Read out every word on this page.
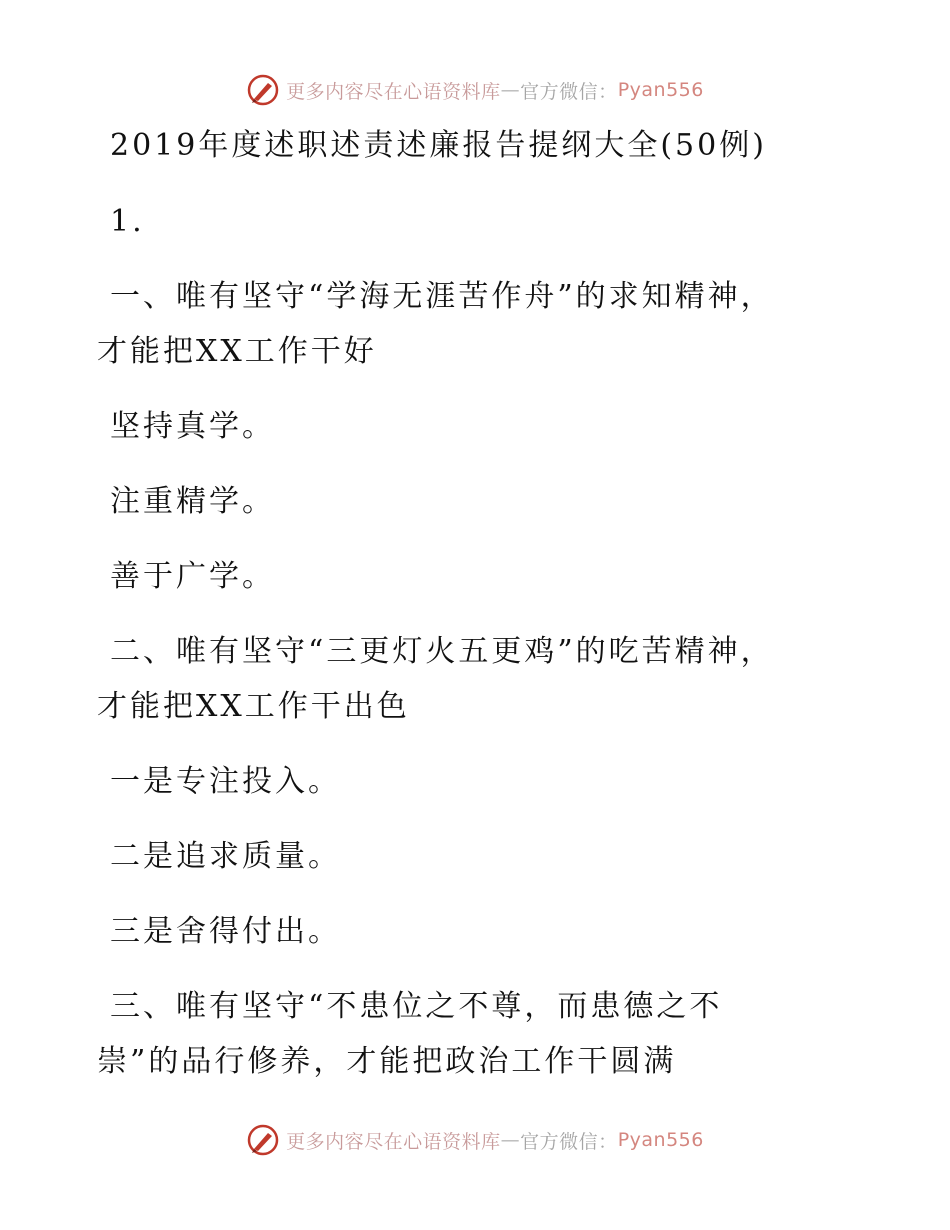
更多内容尽在心语资料库 — 官方微信： Pyan556
2019年度述职述责述廉报告提纲大全(50例)
1.
一、唯有坚守“学海无涯苦作舟”的求知精神，
才能把XX工作干好
坚持真学。
注重精学。
善于广学。
二、唯有坚守“三更灯火五更鸡”的吃苦精神，
才能把XX工作干出色
一是专注投入。
二是追求质量。
三是舍得付出。
三、唯有坚守“不患位之不尊，而患德之不
崇”的品行修养，才能把政治工作干圆满
更多内容尽在心语资料库 — 官方微信： Pyan556
